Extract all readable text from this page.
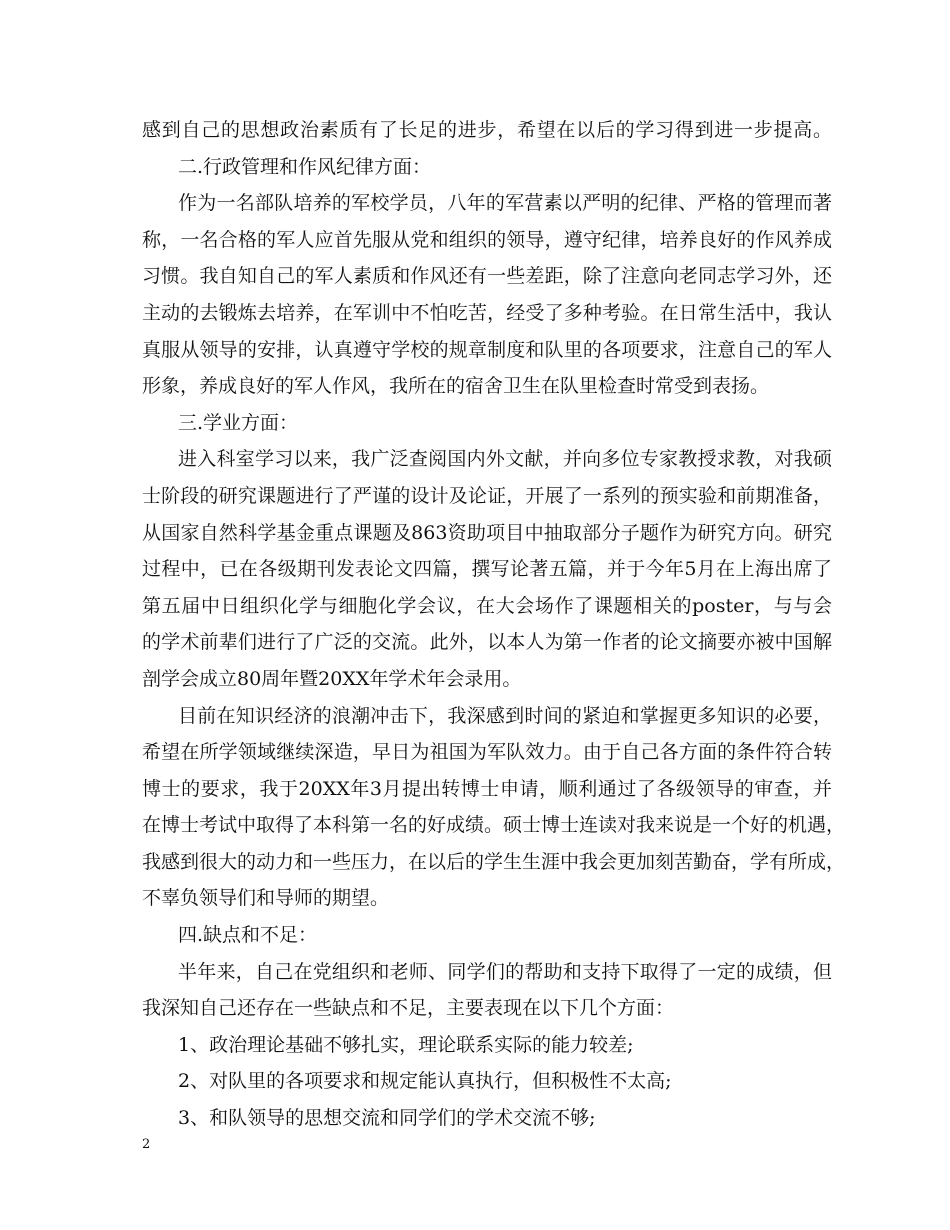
感到自己的思想政治素质有了长足的进步，希望在以后的学习得到进一步提高。
二.行政管理和作风纪律方面：
作为一名部队培养的军校学员，八年的军营素以严明的纪律、严格的管理而著
称，一名合格的军人应首先服从党和组织的领导，遵守纪律，培养良好的作风养成
习惯。我自知自己的军人素质和作风还有一些差距，除了注意向老同志学习外，还
主动的去锻炼去培养，在军训中不怕吃苦，经受了多种考验。在日常生活中，我认
真服从领导的安排，认真遵守学校的规章制度和队里的各项要求，注意自己的军人
形象，养成良好的军人作风，我所在的宿舍卫生在队里检查时常受到表扬。
三.学业方面：
进入科室学习以来，我广泛查阅国内外文献，并向多位专家教授求教，对我硕
士阶段的研究课题进行了严谨的设计及论证，开展了一系列的预实验和前期准备，
从国家自然科学基金重点课题及863资助项目中抽取部分子题作为研究方向。研究
过程中，已在各级期刊发表论文四篇，撰写论著五篇，并于今年5月在上海出席了
第五届中日组织化学与细胞化学会议，在大会场作了课题相关的poster，与与会
的学术前辈们进行了广泛的交流。此外，以本人为第一作者的论文摘要亦被中国解
剖学会成立80周年暨20XX年学术年会录用。
目前在知识经济的浪潮冲击下，我深感到时间的紧迫和掌握更多知识的必要，
希望在所学领域继续深造，早日为祖国为军队效力。由于自己各方面的条件符合转
博士的要求，我于20XX年3月提出转博士申请，顺利通过了各级领导的审查，并
在博士考试中取得了本科第一名的好成绩。硕士博士连读对我来说是一个好的机遇，
我感到很大的动力和一些压力，在以后的学生生涯中我会更加刻苦勤奋，学有所成，
不辜负领导们和导师的期望。
四.缺点和不足：
半年来，自己在党组织和老师、同学们的帮助和支持下取得了一定的成绩，但
我深知自己还存在一些缺点和不足，主要表现在以下几个方面：
1、政治理论基础不够扎实，理论联系实际的能力较差;
2、对队里的各项要求和规定能认真执行，但积极性不太高;
3、和队领导的思想交流和同学们的学术交流不够;
2
